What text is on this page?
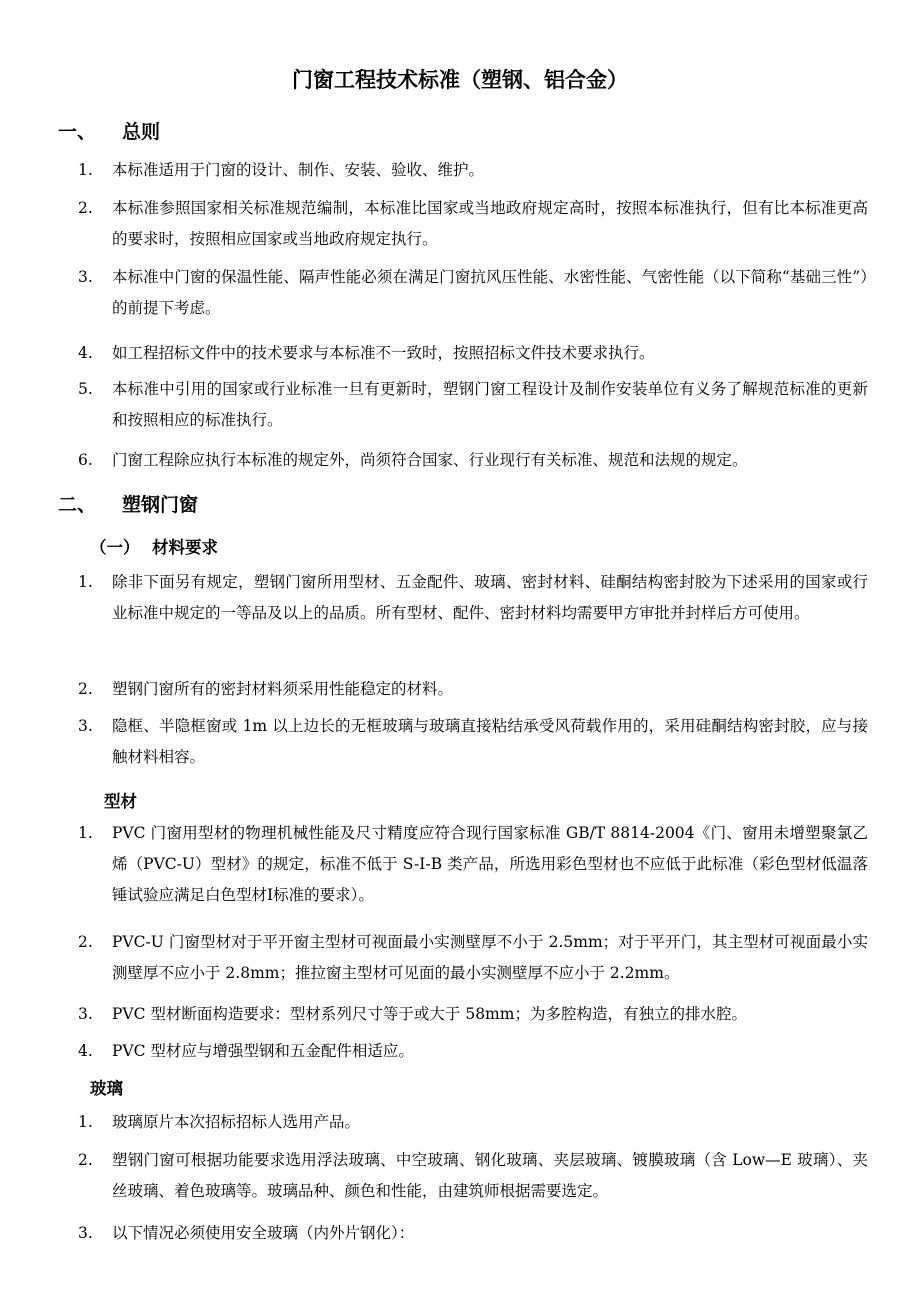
门窗工程技术标准（塑钢、铝合金）
一、 总则
1.	本标准适用于门窗的设计、制作、安装、验收、维护。
2.	本标准参照国家相关标准规范编制，本标准比国家或当地政府规定高时，按照本标准执行，但有比本标准更高的要求时，按照相应国家或当地政府规定执行。
3.	本标准中门窗的保温性能、隔声性能必须在满足门窗抗风压性能、水密性能、气密性能（以下简称“基础三性”）的前提下考虑。
4.	如工程招标文件中的技术要求与本标准不一致时，按照招标文件技术要求执行。
5.	本标准中引用的国家或行业标准一旦有更新时，塑钢门窗工程设计及制作安装单位有义务了解规范标准的更新和按照相应的标准执行。
6.	门窗工程除应执行本标准的规定外，尚须符合国家、行业现行有关标准、规范和法规的规定。
二、 塑钢门窗
（一） 材料要求
1.	除非下面另有规定，塑钢门窗所用型材、五金配件、玻璃、密封材料、硅酮结构密封胶为下述采用的国家或行业标准中规定的一等品及以上的品质。所有型材、配件、密封材料均需要甲方审批并封样后方可使用。
2.	塑钢门窗所有的密封材料须采用性能稳定的材料。
3.	隐框、半隐框窗或 1m 以上边长的无框玻璃与玻璃直接粘结承受风荷载作用的，采用硅酮结构密封胶，应与接触材料相容。
型材
1.	PVC 门窗用型材的物理机械性能及尺寸精度应符合现行国家标准 GB/T 8814-2004《门、窗用未增塑聚氯乙烯（PVC-U）型材》的规定，标准不低于 S-Ⅰ-B 类产品，所选用彩色型材也不应低于此标准（彩色型材低温落锤试验应满足白色型材Ⅰ标准的要求）。
2.	PVC-U 门窗型材对于平开窗主型材可视面最小实测壁厚不小于 2.5mm；对于平开门，其主型材可视面最小实测壁厚不应小于 2.8mm；推拉窗主型材可见面的最小实测壁厚不应小于 2.2mm。
3.	PVC 型材断面构造要求：型材系列尺寸等于或大于 58mm；为多腔构造，有独立的排水腔。
4.	PVC 型材应与增强型钢和五金配件相适应。
玻璃
1.	玻璃原片本次招标招标人选用产品。
2.	塑钢门窗可根据功能要求选用浮法玻璃、中空玻璃、钢化玻璃、夹层玻璃、镀膜玻璃（含 Low—E 玻璃）、夹丝玻璃、着色玻璃等。玻璃品种、颜色和性能，由建筑师根据需要选定。
3.	以下情况必须使用安全玻璃（内外片钢化）：
